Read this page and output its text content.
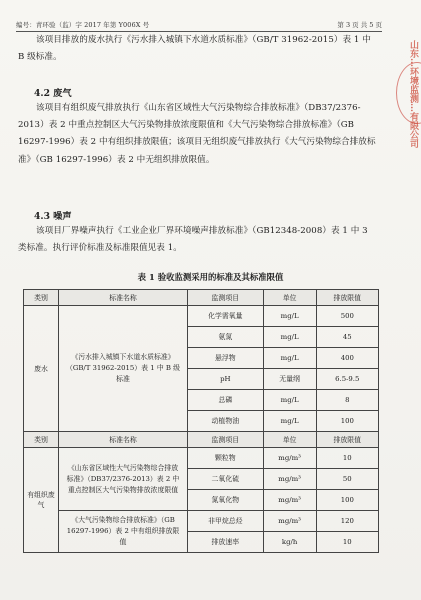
编号：青环验（监）字 2017 年第 Y006X 号	第 3 页 共 5 页
该项目排放的废水执行《污水排入城镇下水道水质标准》（GB/T 31962-2015）表 1 中 B 级标准。
4.2 废气
该项目有组织废气排放执行《山东省区域性大气污染物综合排放标准》（DB37/2376-2013）表 2 中重点控制区大气污染物排放浓度限值和《大气污染物综合排放标准》（GB 16297-1996）表 2 中有组织排放限值；该项目无组织废气排放执行《大气污染物综合排放标准》（GB 16297-1996）表 2 中无组织排放限值。
4.3 噪声
该项目厂界噪声执行《工业企业厂界环境噪声排放标准》（GB12348-2008）表 1 中 3 类标准。执行评价标准及标准限值见表 1。
表 1 验收监测采用的标准及其标准限值
类别	标准名称	监测项目	单位	排放限值
废水	《污水排入城镇下水道水质标准》（GB/T 31962-2015）表 1 中 B 级标准	化学需氧量	mg/L	500
		氨氮	mg/L	45
		悬浮物	mg/L	400
		pH	无量纲	6.5-9.5
		总磷	mg/L	8
		动植物油	mg/L	100
类别	标准名称	监测项目	单位	排放限值
有组织废气	《山东省区域性大气污染物综合排放标准》（DB37/2376-2013）表 2 中重点控制区大气污染物排放浓度限值	颗粒物	mg/m³	10
		二氧化硫	mg/m³	50
		氮氧化物	mg/m³	100
	《大气污染物综合排放标准》（GB 16297-1996）表 2 中有组织排放限值	非甲烷总烃	mg/m³	120
		排放速率	kg/h	10
山东…环境监测…有限公司
